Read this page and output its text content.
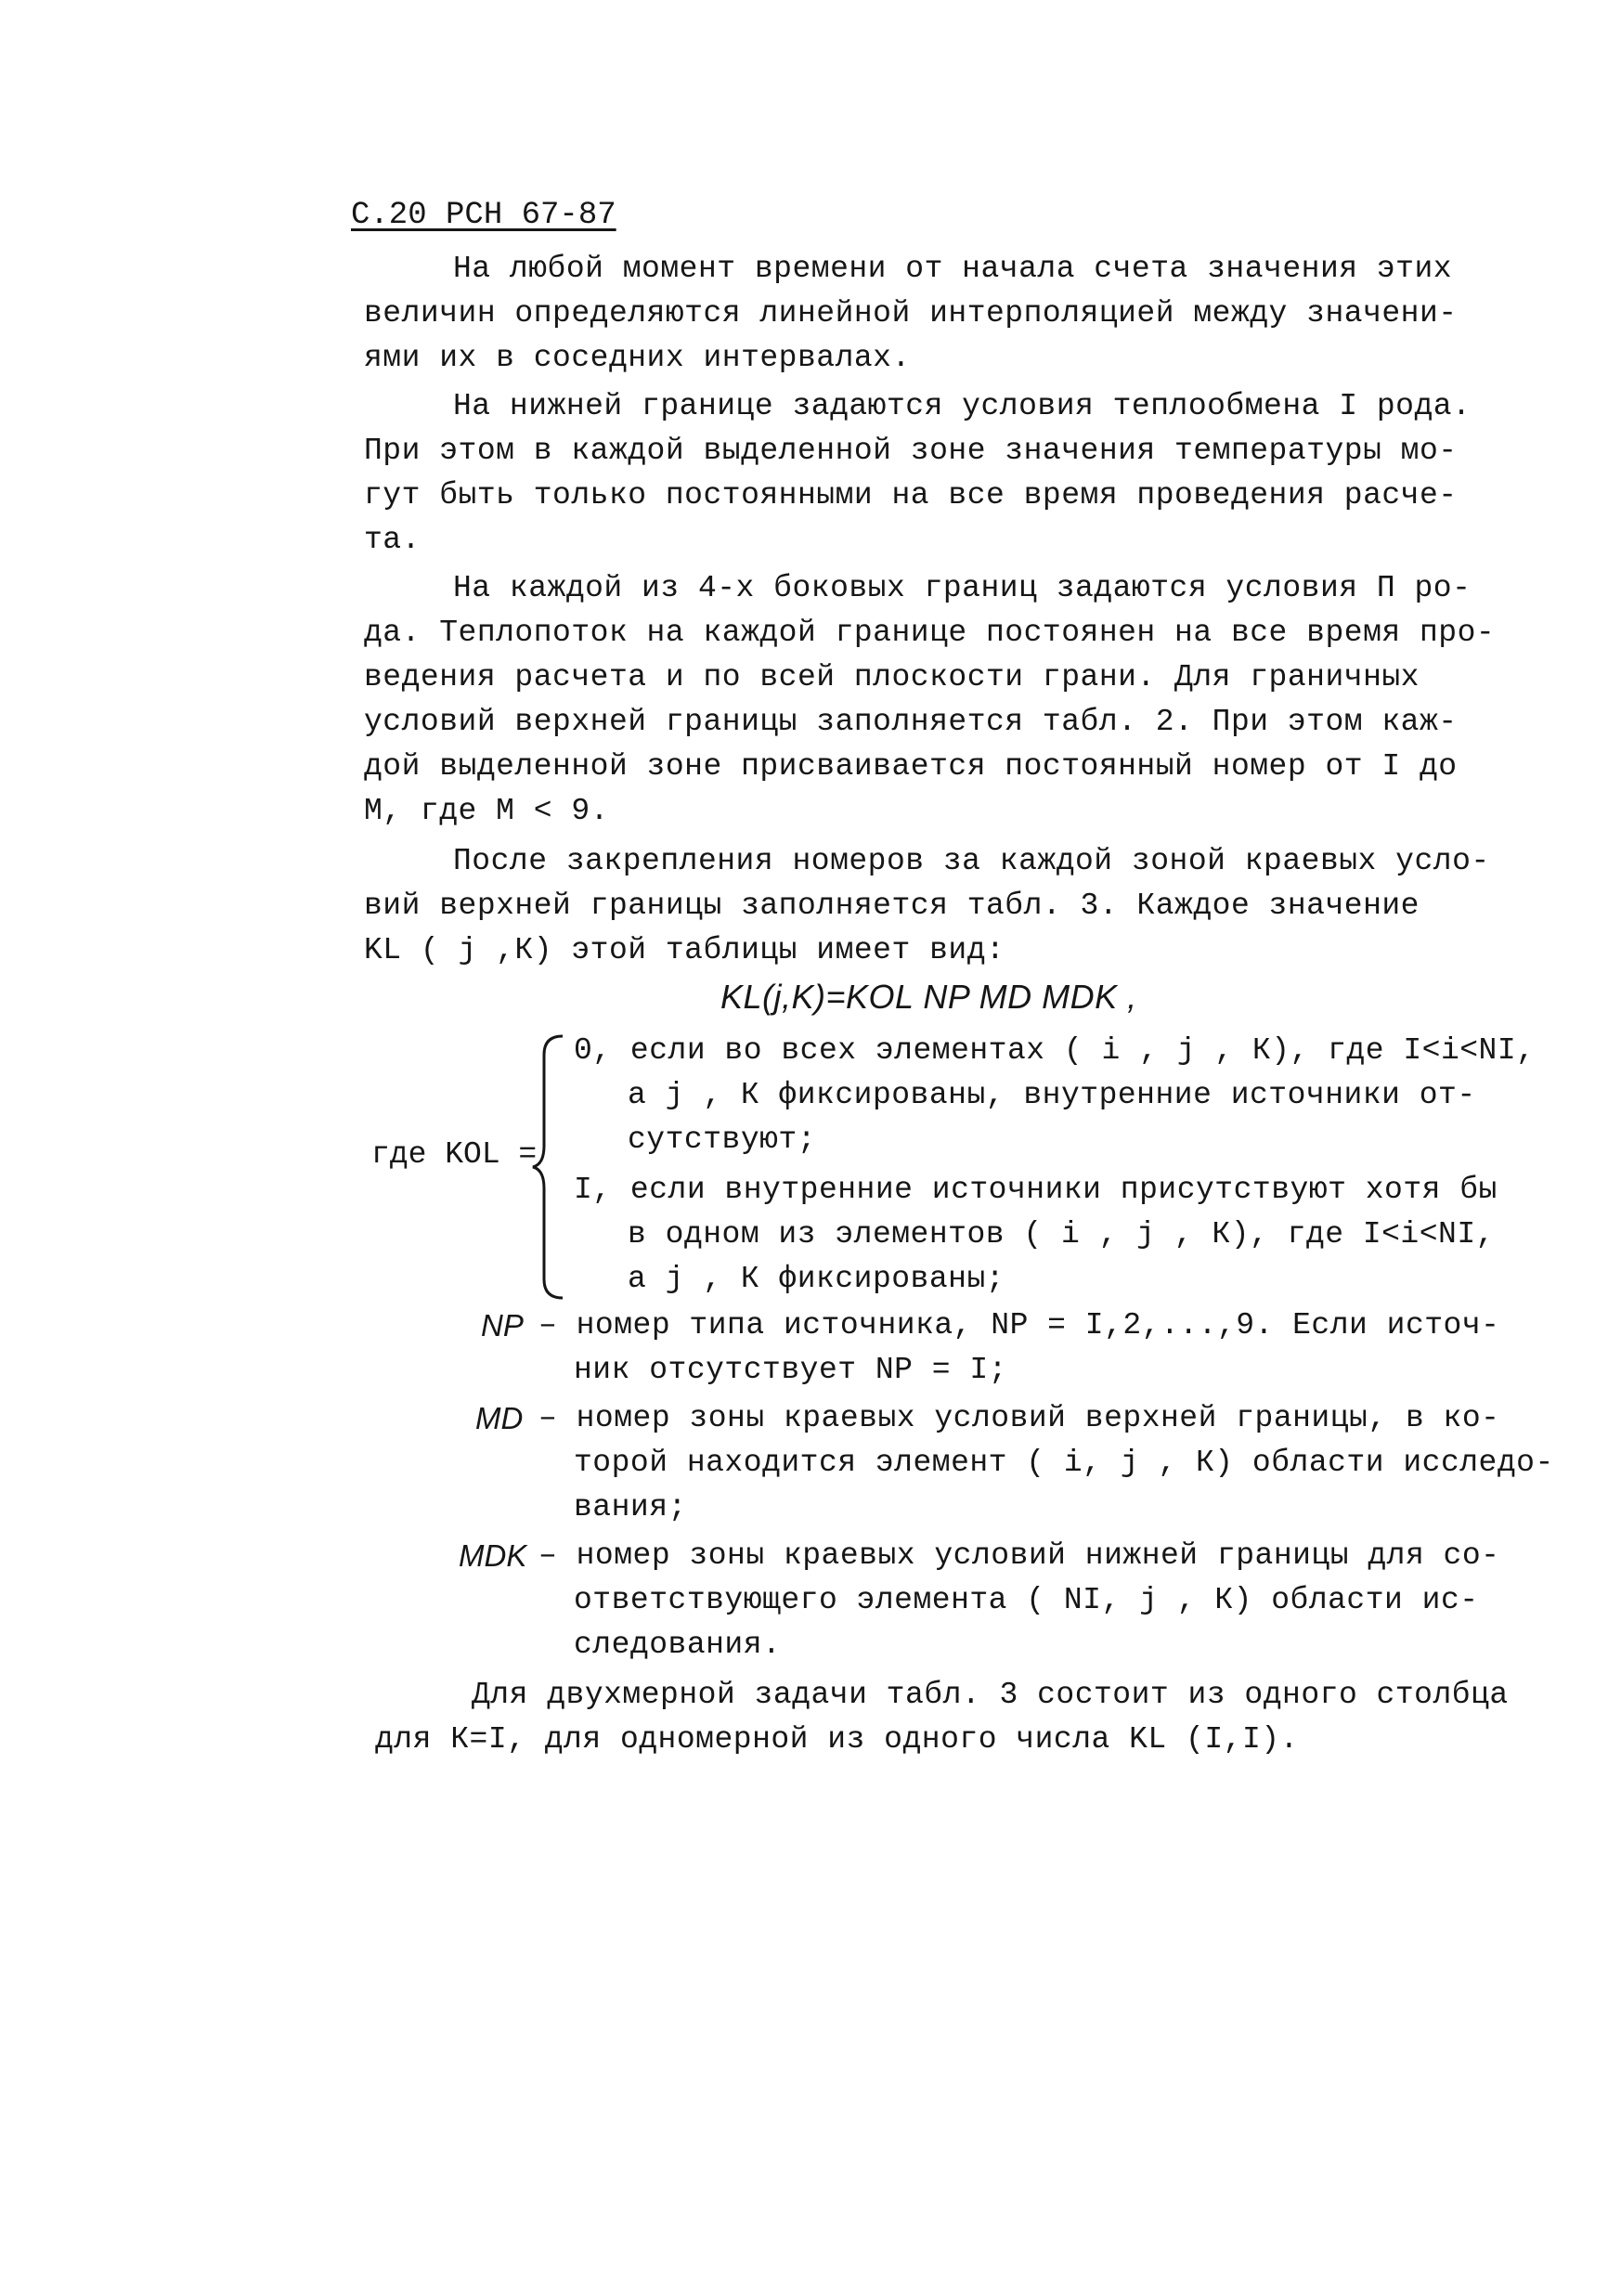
С.20 РСН 67-87
На любой момент времени от начала счета значения этих
величин определяются линейной интерполяцией между значени-
ями их в соседних интервалах.
На нижней границе задаются условия теплообмена I рода.
При этом в каждой выделенной зоне значения температуры мо-
гут быть только постоянными на все время проведения расче-
та.
На каждой из 4-х боковых границ задаются условия П ро-
да. Теплопоток на каждой границе постоянен на все время про-
ведения расчета и по всей плоскости грани. Для граничных
условий верхней границы заполняется табл. 2. При этом каж-
дой выделенной зоне присваивается постоянный номер от I до
M, где M < 9.
После закрепления номеров за каждой зоной краевых усло-
вий верхней границы заполняется табл. 3. Каждое значение
KL ( j ,К) этой таблицы имеет вид:
KL(j,K)=KOL NP MD MDK ,
где KOL =
0, если во всех элементах ( i , j , К), где I<i<NI,
а j , К фиксированы, внутренние источники от-
сутствуют;
I, если внутренние источники присутствуют хотя бы
в одном из элементов ( i , j , К), где I<i<NI,
а j , К фиксированы;
NP – номер типа источника, NP = I,2,...,9. Если источ-
ник отсутствует NP = I;
MD – номер зоны краевых условий верхней границы, в ко-
торой находится элемент ( i, j , К) области исследо-
вания;
MDK – номер зоны краевых условий нижней границы для со-
ответствующего элемента ( NI, j , К) области ис-
следования.
Для двухмерной задачи табл. 3 состоит из одного столбца
для К=I, для одномерной из одного числа KL (I,I).
